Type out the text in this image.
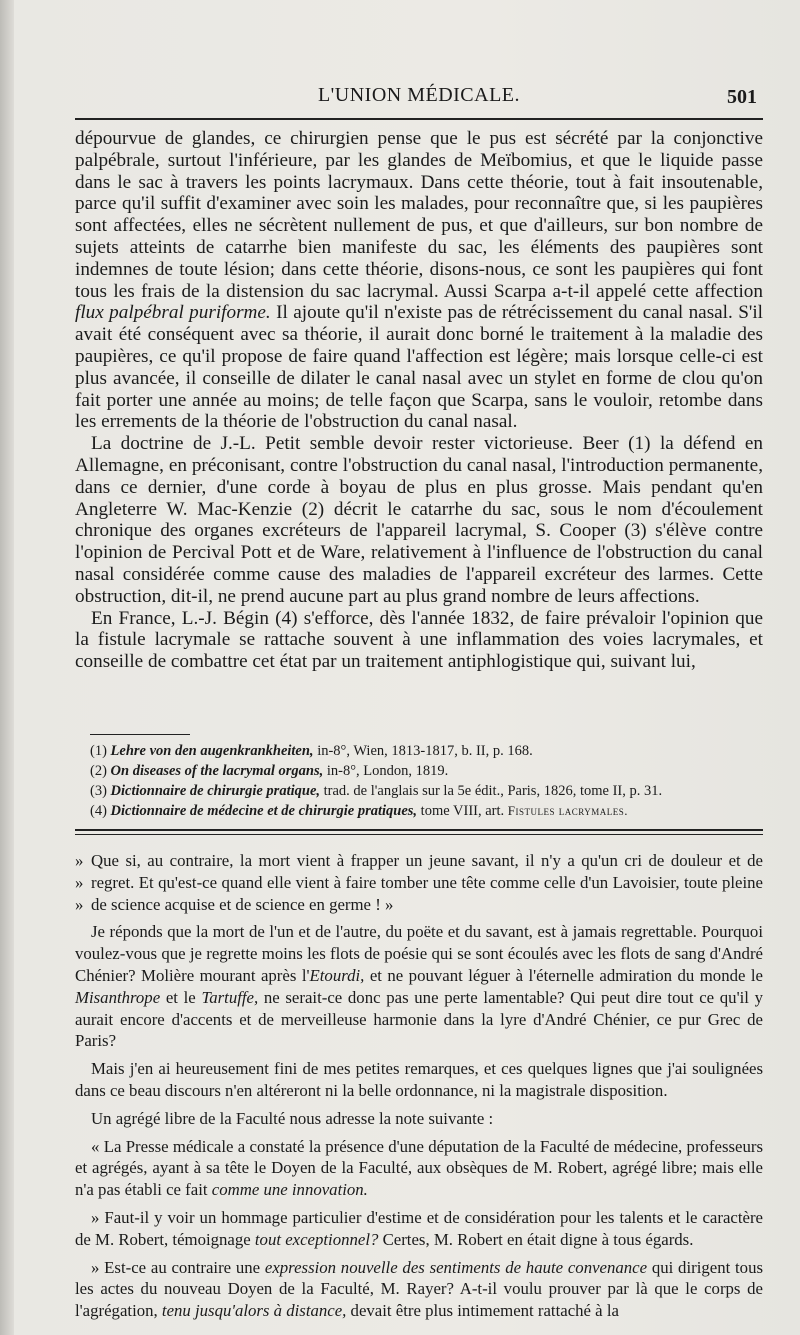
L'UNION MÉDICALE.	501

dépourvue de glandes, ce chirurgien pense que le pus est sécrété par la conjonctive palpébrale, surtout l'inférieure, par les glandes de Meïbomius, et que le liquide passe dans le sac à travers les points lacrymaux. Dans cette théorie, tout à fait insoutenable, parce qu'il suffit d'examiner avec soin les malades, pour reconnaître que, si les paupières sont affectées, elles ne sécrètent nullement de pus, et que d'ailleurs, sur bon nombre de sujets atteints de catarrhe bien manifeste du sac, les éléments des paupières sont indemnes de toute lésion; dans cette théorie, disons-nous, ce sont les paupières qui font tous les frais de la distension du sac lacrymal. Aussi Scarpa a-t-il appelé cette affection flux palpébral puriforme. Il ajoute qu'il n'existe pas de rétrécissement du canal nasal. S'il avait été conséquent avec sa théorie, il aurait donc borné le traitement à la maladie des paupières, ce qu'il propose de faire quand l'affection est légère; mais lorsque celle-ci est plus avancée, il conseille de dilater le canal nasal avec un stylet en forme de clou qu'on fait porter une année au moins; de telle façon que Scarpa, sans le vouloir, retombe dans les errements de la théorie de l'obstruction du canal nasal.

La doctrine de J.-L. Petit semble devoir rester victorieuse. Beer (1) la défend en Allemagne, en préconisant, contre l'obstruction du canal nasal, l'introduction permanente, dans ce dernier, d'une corde à boyau de plus en plus grosse. Mais pendant qu'en Angleterre W. Mac-Kenzie (2) décrit le catarrhe du sac, sous le nom d'écoulement chronique des organes excréteurs de l'appareil lacrymal, S. Cooper (3) s'élève contre l'opinion de Percival Pott et de Ware, relativement à l'influence de l'obstruction du canal nasal considérée comme cause des maladies de l'appareil excréteur des larmes. Cette obstruction, dit-il, ne prend aucune part au plus grand nombre de leurs affections.

En France, L.-J. Bégin (4) s'efforce, dès l'année 1832, de faire prévaloir l'opinion que la fistule lacrymale se rattache souvent à une inflammation des voies lacrymales, et conseille de combattre cet état par un traitement antiphlogistique qui, suivant lui,

(1) Lehre von den augenkrankheiten, in-8°, Wien, 1813-1817, b. II, p. 168.
(2) On diseases of the lacrymal organs, in-8°, London, 1819.
(3) Dictionnaire de chirurgie pratique, trad. de l'anglais sur la 5e édit., Paris, 1826, tome II, p. 31.
(4) Dictionnaire de médecine et de chirurgie pratiques, tome VIII, art. Fistules lacrymales.

»
»
»
Que si, au contraire, la mort vient à frapper un jeune savant, il n'y a qu'un cri de douleur et de regret. Et qu'est-ce quand elle vient à faire tomber une tête comme celle d'un Lavoisier, toute pleine de science acquise et de science en germe ! »

Je réponds que la mort de l'un et de l'autre, du poëte et du savant, est à jamais regrettable. Pourquoi voulez-vous que je regrette moins les flots de poésie qui se sont écoulés avec les flots de sang d'André Chénier? Molière mourant après l'Etourdi, et ne pouvant léguer à l'éternelle admiration du monde le Misanthrope et le Tartuffe, ne serait-ce donc pas une perte lamentable? Qui peut dire tout ce qu'il y aurait encore d'accents et de merveilleuse harmonie dans la lyre d'André Chénier, ce pur Grec de Paris?

Mais j'en ai heureusement fini de mes petites remarques, et ces quelques lignes que j'ai soulignées dans ce beau discours n'en altéreront ni la belle ordonnance, ni la magistrale disposition.

Un agrégé libre de la Faculté nous adresse la note suivante :

« La Presse médicale a constaté la présence d'une députation de la Faculté de médecine, professeurs et agrégés, ayant à sa tête le Doyen de la Faculté, aux obsèques de M. Robert, agrégé libre; mais elle n'a pas établi ce fait comme une innovation.

» Faut-il y voir un hommage particulier d'estime et de considération pour les talents et le caractère de M. Robert, témoignage tout exceptionnel? Certes, M. Robert en était digne à tous égards.

» Est-ce au contraire une expression nouvelle des sentiments de haute convenance qui dirigent tous les actes du nouveau Doyen de la Faculté, M. Rayer? A-t-il voulu prouver par là que le corps de l'agrégation, tenu jusqu'alors à distance, devait être plus intimement rattaché à la
